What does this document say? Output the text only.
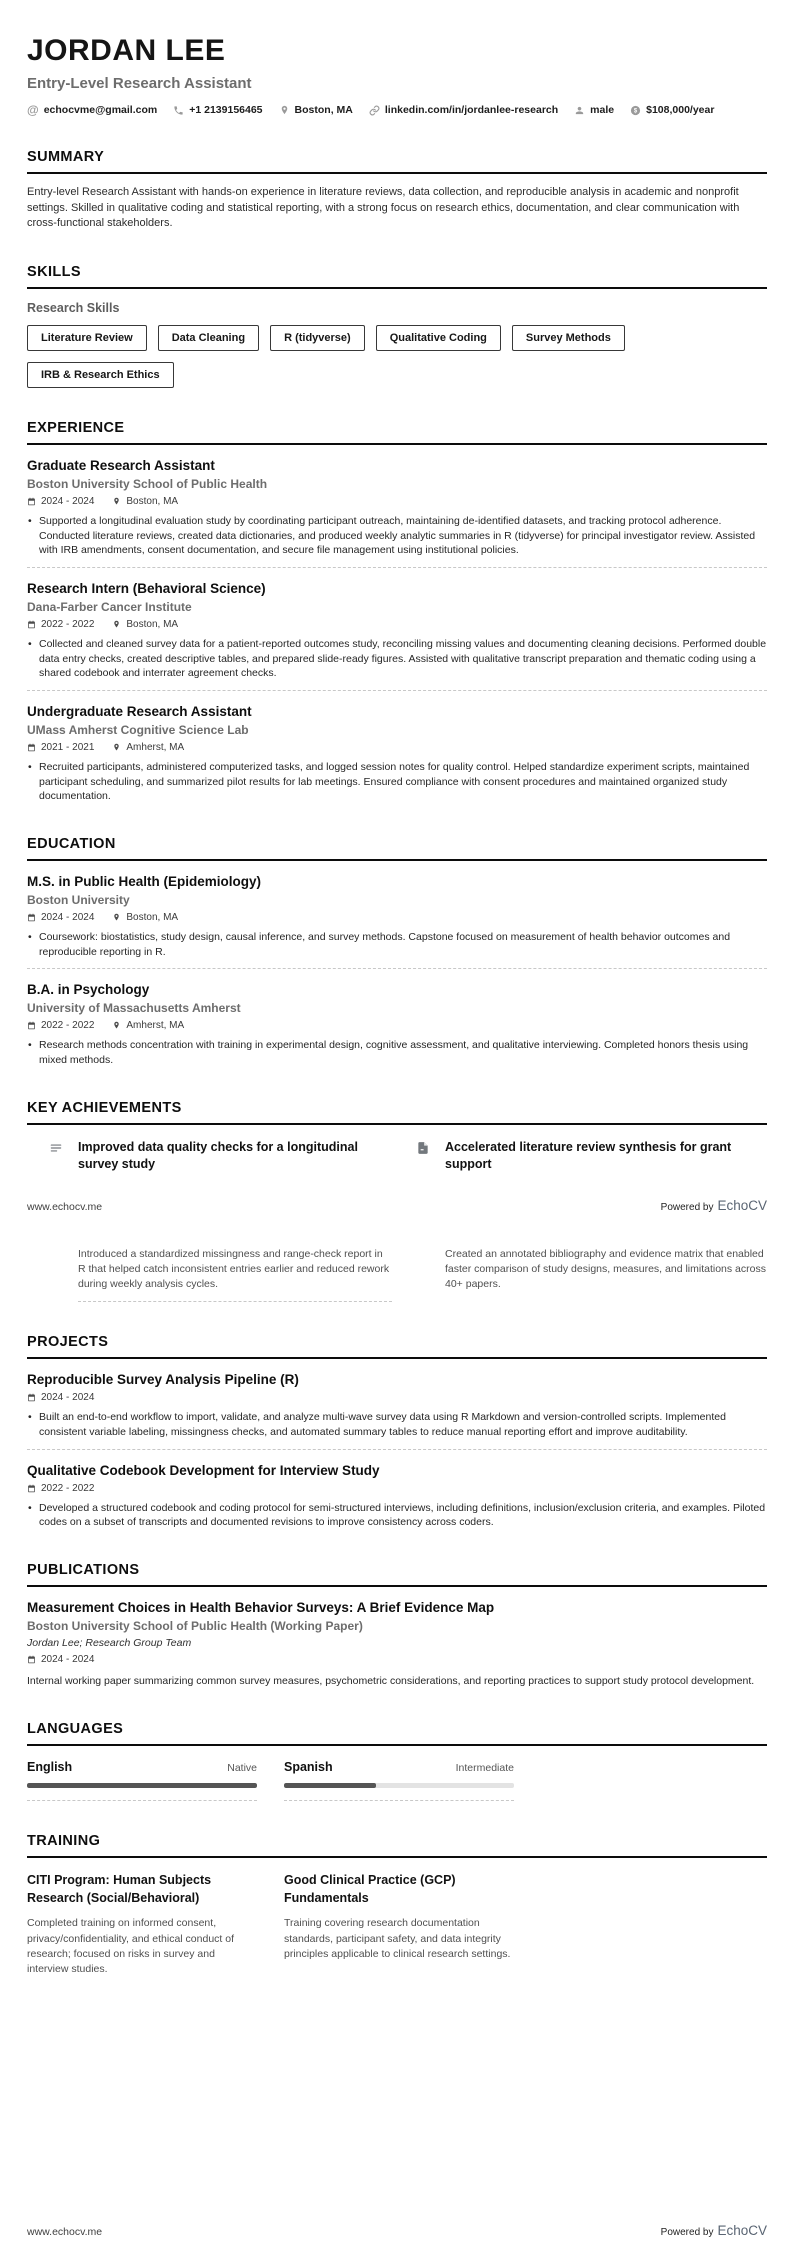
JORDAN LEE
Entry-Level Research Assistant
@ echocvme@gmail.com	+1 2139156465	Boston, MA	linkedin.com/in/jordanlee-research	male $ $108,000/year
SUMMARY
Entry-level Research Assistant with hands-on experience in literature reviews, data collection, and reproducible analysis in academic and nonprofit settings. Skilled in qualitative coding and statistical reporting, with a strong focus on research ethics, documentation, and clear communication with cross-functional stakeholders.
SKILLS
Research Skills
Literature Review	Data Cleaning	R (tidyverse)	Qualitative Coding	Survey Methods
IRB & Research Ethics
EXPERIENCE
Graduate Research Assistant
Boston University School of Public Health
2024 - 2024	Boston, MA
• Supported a longitudinal evaluation study by coordinating participant outreach, maintaining de-identified datasets, and tracking protocol adherence. Conducted literature reviews, created data dictionaries, and produced weekly analytic summaries in R (tidyverse) for principal investigator review. Assisted with IRB amendments, consent documentation, and secure file management using institutional policies.
Research Intern (Behavioral Science)
Dana-Farber Cancer Institute
2022 - 2022	Boston, MA
• Collected and cleaned survey data for a patient-reported outcomes study, reconciling missing values and documenting cleaning decisions. Performed double data entry checks, created descriptive tables, and prepared slide-ready figures. Assisted with qualitative transcript preparation and thematic coding using a shared codebook and interrater agreement checks.
Undergraduate Research Assistant
UMass Amherst Cognitive Science Lab
2021 - 2021	Amherst, MA
• Recruited participants, administered computerized tasks, and logged session notes for quality control. Helped standardize experiment scripts, maintained participant scheduling, and summarized pilot results for lab meetings. Ensured compliance with consent procedures and maintained organized study documentation.
EDUCATION
M.S. in Public Health (Epidemiology)
Boston University
2024 - 2024	Boston, MA
• Coursework: biostatistics, study design, causal inference, and survey methods. Capstone focused on measurement of health behavior outcomes and reproducible reporting in R.
B.A. in Psychology
University of Massachusetts Amherst
2022 - 2022	Amherst, MA
• Research methods concentration with training in experimental design, cognitive assessment, and qualitative interviewing. Completed honors thesis using mixed methods.
KEY ACHIEVEMENTS
Improved data quality checks for a longitudinal survey study
Accelerated literature review synthesis for grant support
www.echocv.me	Powered by EchoCV
Introduced a standardized missingness and range-check report in R that helped catch inconsistent entries earlier and reduced rework during weekly analysis cycles.
Created an annotated bibliography and evidence matrix that enabled faster comparison of study designs, measures, and limitations across 40+ papers.
PROJECTS
Reproducible Survey Analysis Pipeline (R)
2024 - 2024
• Built an end-to-end workflow to import, validate, and analyze multi-wave survey data using R Markdown and version-controlled scripts. Implemented consistent variable labeling, missingness checks, and automated summary tables to reduce manual reporting effort and improve auditability.
Qualitative Codebook Development for Interview Study
2022 - 2022
• Developed a structured codebook and coding protocol for semi-structured interviews, including definitions, inclusion/exclusion criteria, and examples. Piloted codes on a subset of transcripts and documented revisions to improve consistency across coders.
PUBLICATIONS
Measurement Choices in Health Behavior Surveys: A Brief Evidence Map
Boston University School of Public Health (Working Paper)
Jordan Lee; Research Group Team
2024 - 2024
Internal working paper summarizing common survey measures, psychometric considerations, and reporting practices to support study protocol development.
LANGUAGES
English	Native Spanish	Intermediate
TRAINING
CITI Program: Human Subjects Research (Social/Behavioral)
Completed training on informed consent, privacy/confidentiality, and ethical conduct of research; focused on risks in survey and interview studies.
Good Clinical Practice (GCP) Fundamentals
Training covering research documentation standards, participant safety, and data integrity principles applicable to clinical research settings.
www.echocv.me	Powered by EchoCV
